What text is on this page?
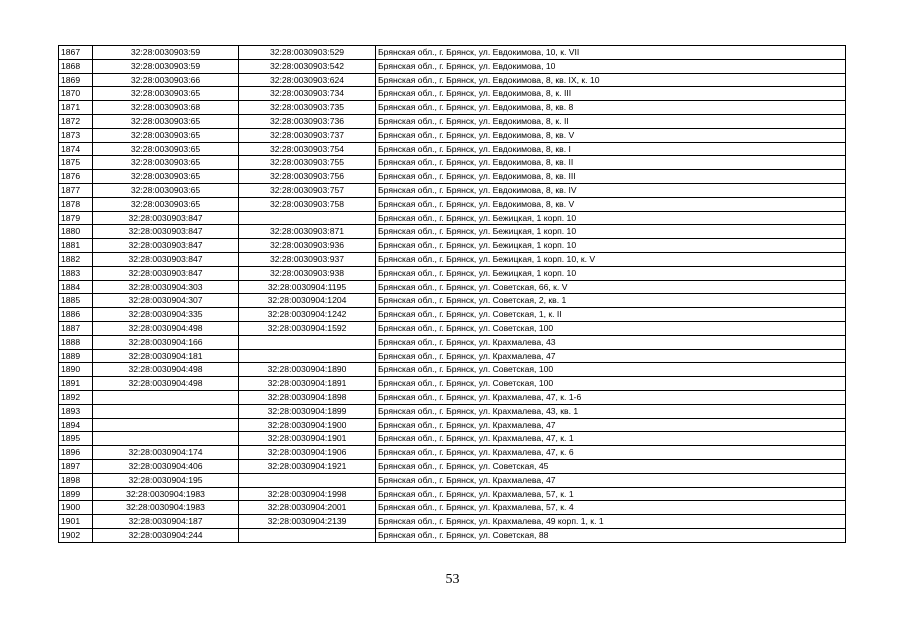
1867	32:28:0030903:59	32:28:0030903:529	Брянская обл., г. Брянск, ул. Евдокимова, 10, к. VII
1868	32:28:0030903:59	32:28:0030903:542	Брянская обл., г. Брянск, ул. Евдокимова, 10
1869	32:28:0030903:66	32:28:0030903:624	Брянская обл., г. Брянск, ул. Евдокимова, 8, кв. IX, к. 10
1870	32:28:0030903:65	32:28:0030903:734	Брянская обл., г. Брянск, ул. Евдокимова, 8, к. III
1871	32:28:0030903:68	32:28:0030903:735	Брянская обл., г. Брянск, ул. Евдокимова, 8, кв. 8
1872	32:28:0030903:65	32:28:0030903:736	Брянская обл., г. Брянск, ул. Евдокимова, 8, к. II
1873	32:28:0030903:65	32:28:0030903:737	Брянская обл., г. Брянск, ул. Евдокимова, 8, кв. V
1874	32:28:0030903:65	32:28:0030903:754	Брянская обл., г. Брянск, ул. Евдокимова, 8, кв. I
1875	32:28:0030903:65	32:28:0030903:755	Брянская обл., г. Брянск, ул. Евдокимова, 8, кв. II
1876	32:28:0030903:65	32:28:0030903:756	Брянская обл., г. Брянск, ул. Евдокимова, 8, кв. III
1877	32:28:0030903:65	32:28:0030903:757	Брянская обл., г. Брянск, ул. Евдокимова, 8, кв. IV
1878	32:28:0030903:65	32:28:0030903:758	Брянская обл., г. Брянск, ул. Евдокимова, 8, кв. V
1879	32:28:0030903:847		Брянская обл., г. Брянск, ул. Бежицкая, 1 корп. 10
1880	32:28:0030903:847	32:28:0030903:871	Брянская обл., г. Брянск, ул. Бежицкая, 1 корп. 10
1881	32:28:0030903:847	32:28:0030903:936	Брянская обл., г. Брянск, ул. Бежицкая, 1 корп. 10
1882	32:28:0030903:847	32:28:0030903:937	Брянская обл., г. Брянск, ул. Бежицкая, 1 корп. 10, к. V
1883	32:28:0030903:847	32:28:0030903:938	Брянская обл., г. Брянск, ул. Бежицкая, 1 корп. 10
1884	32:28:0030904:303	32:28:0030904:1195	Брянская обл., г. Брянск, ул. Советская, 66, к. V
1885	32:28:0030904:307	32:28:0030904:1204	Брянская обл., г. Брянск, ул. Советская, 2, кв. 1
1886	32:28:0030904:335	32:28:0030904:1242	Брянская обл., г. Брянск, ул. Советская, 1, к. II
1887	32:28:0030904:498	32:28:0030904:1592	Брянская обл., г. Брянск, ул. Советская, 100
1888	32:28:0030904:166		Брянская обл., г. Брянск, ул. Крахмалева, 43
1889	32:28:0030904:181		Брянская обл., г. Брянск, ул. Крахмалева, 47
1890	32:28:0030904:498	32:28:0030904:1890	Брянская обл., г. Брянск, ул. Советская, 100
1891	32:28:0030904:498	32:28:0030904:1891	Брянская обл., г. Брянск, ул. Советская, 100
1892		32:28:0030904:1898	Брянская обл., г. Брянск, ул. Крахмалева, 47, к. 1-6
1893		32:28:0030904:1899	Брянская обл., г. Брянск, ул. Крахмалева, 43, кв. 1
1894		32:28:0030904:1900	Брянская обл., г. Брянск, ул. Крахмалева, 47
1895		32:28:0030904:1901	Брянская обл., г. Брянск, ул. Крахмалева, 47, к. 1
1896	32:28:0030904:174	32:28:0030904:1906	Брянская обл., г. Брянск, ул. Крахмалева, 47, к. 6
1897	32:28:0030904:406	32:28:0030904:1921	Брянская обл., г. Брянск, ул. Советская, 45
1898	32:28:0030904:195		Брянская обл., г. Брянск, ул. Крахмалева, 47
1899	32:28:0030904:1983	32:28:0030904:1998	Брянская обл., г. Брянск, ул. Крахмалева, 57, к. 1
1900	32:28:0030904:1983	32:28:0030904:2001	Брянская обл., г. Брянск, ул. Крахмалева, 57, к. 4
1901	32:28:0030904:187	32:28:0030904:2139	Брянская обл., г. Брянск, ул. Крахмалева, 49 корп. 1, к. 1
1902	32:28:0030904:244		Брянская обл., г. Брянск, ул. Советская, 88
53
